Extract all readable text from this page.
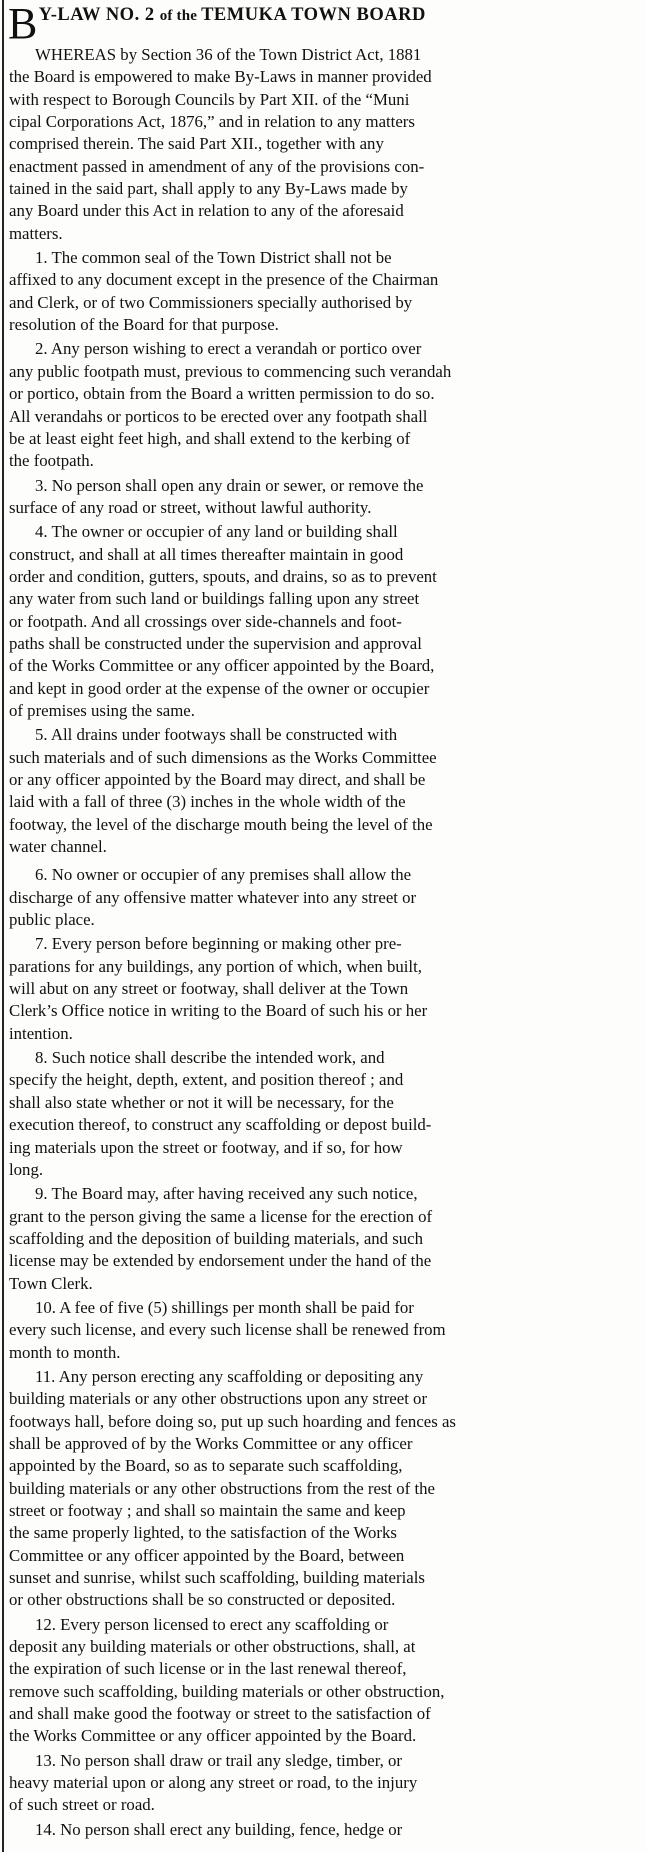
BY-LAW NO. 2 of the TEMUKA TOWN BOARD
WHEREAS by Section 36 of the Town District Act, 1881
the Board is empowered to make By-Laws in manner provided
with respect to Borough Councils by Part XII. of the “Muni
cipal Corporations Act, 1876,” and in relation to any matters
comprised therein. The said Part XII., together with any
enactment passed in amendment of any of the provisions con-
tained in the said part, shall apply to any By-Laws made by
any Board under this Act in relation to any of the aforesaid
matters.
1. The common seal of the Town District shall not be
affixed to any document except in the presence of the Chairman
and Clerk, or of two Commissioners specially authorised by
resolution of the Board for that purpose.
2. Any person wishing to erect a verandah or portico over
any public footpath must, previous to commencing such verandah
or portico, obtain from the Board a written permission to do so.
All verandahs or porticos to be erected over any footpath shall
be at least eight feet high, and shall extend to the kerbing of
the footpath.
3. No person shall open any drain or sewer, or remove the
surface of any road or street, without lawful authority.
4. The owner or occupier of any land or building shall
construct, and shall at all times thereafter maintain in good
order and condition, gutters, spouts, and drains, so as to prevent
any water from such land or buildings falling upon any street
or footpath. And all crossings over side-channels and foot-
paths shall be constructed under the supervision and approval
of the Works Committee or any officer appointed by the Board,
and kept in good order at the expense of the owner or occupier
of premises using the same.
5. All drains under footways shall be constructed with
such materials and of such dimensions as the Works Committee
or any officer appointed by the Board may direct, and shall be
laid with a fall of three (3) inches in the whole width of the
footway, the level of the discharge mouth being the level of the
water channel.
6. No owner or occupier of any premises shall allow the
discharge of any offensive matter whatever into any street or
public place.
7. Every person before beginning or making other pre-
parations for any buildings, any portion of which, when built,
will abut on any street or footway, shall deliver at the Town
Clerk’s Office notice in writing to the Board of such his or her
intention.
8. Such notice shall describe the intended work, and
specify the height, depth, extent, and position thereof ; and
shall also state whether or not it will be necessary, for the
execution thereof, to construct any scaffolding or depost build-
ing materials upon the street or footway, and if so, for how
long.
9. The Board may, after having received any such notice,
grant to the person giving the same a license for the erection of
scaffolding and the deposition of building materials, and such
license may be extended by endorsement under the hand of the
Town Clerk.
10. A fee of five (5) shillings per month shall be paid for
every such license, and every such license shall be renewed from
month to month.
11. Any person erecting any scaffolding or depositing any
building materials or any other obstructions upon any street or
footways hall, before doing so, put up such hoarding and fences as
shall be approved of by the Works Committee or any officer
appointed by the Board, so as to separate such scaffolding,
building materials or any other obstructions from the rest of the
street or footway ; and shall so maintain the same and keep
the same properly lighted, to the satisfaction of the Works
Committee or any officer appointed by the Board, between
sunset and sunrise, whilst such scaffolding, building materials
or other obstructions shall be so constructed or deposited.
12. Every person licensed to erect any scaffolding or
deposit any building materials or other obstructions, shall, at
the expiration of such license or in the last renewal thereof,
remove such scaffolding, building materials or other obstruction,
and shall make good the footway or street to the satisfaction of
the Works Committee or any officer appointed by the Board.
13. No person shall draw or trail any sledge, timber, or
heavy material upon or along any street or road, to the injury
of such street or road.
14. No person shall erect any building, fence, hedge or
